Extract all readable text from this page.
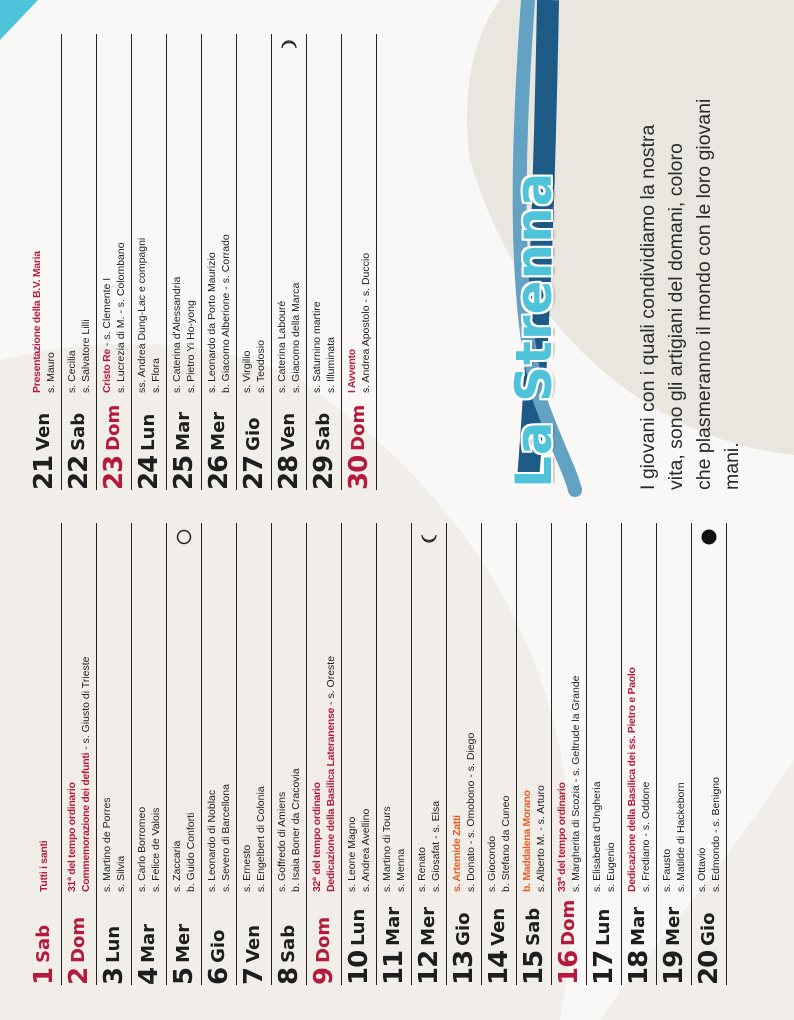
1
Sab
Tutti i santi
2
Dom
31ª del tempo ordinario Commemorazione dei defunti - s. Giusto di Trieste
3
Lun
s. Martino de Porres s. Silvia
4
Mar
s. Carlo Borromeo s. Felice de Valois
5
Mer
s. Zaccaria b. Guido Conforti
6
Gio
s. Leonardo di Noblac s. Severo di Barcellona
7
Ven
s. Ernesto s. Engelbert di Colonia
8
Sab
s. Goffredo di Amiens b. Isaia Boner da Cracovia
9
Dom
32ª del tempo ordinario Dedicazione della Basilica Lateranense - s. Oreste
10
Lun
s. Leone Magno s. Andrea Avellino
11
Mar
s. Martino di Tours s. Menna
12
Mer
s. Renato s. Giosafat - s. Elsa
13
Gio
s. Artemide Zatti s. Donato - s. Omobono - s. Diego
14
Ven
s. Giocondo b. Stefano da Cuneo
15
Sab
b. Maddalena Morano s. Alberto M. - s. Arturo
16
Dom
33ª del tempo ordinario s. Margherita di Scozia - s. Geltrude la Grande
17
Lun
s. Elisabetta d'Ungheria s. Eugenio
18
Mar
Dedicazione della Basilica dei ss. Pietro e Paolo s. Frediano - s. Oddone
19
Mer
s. Fausto s. Matilde di Hackeborn
20
Gio
s. Ottavio s. Edmondo - s. Benigno
21
Ven
Presentazione della B.V. Maria s. Mauro
22
Sab
s. Cecilia s. Salvatore Lilli
23
Dom
Cristo Re - s. Clemente I s. Lucrezia di M. - s. Colombano
24
Lun
ss. Andrea Dung-Lac e compagni s. Flora
25
Mar
s. Caterina d'Alessandria s. Pietro Yi Ho-yong
26
Mer
s. Leonardo da Porto Maurizio b. Giacomo Alberione - s. Corrado
27
Gio
s. Virgilio s. Teodosio
28
Ven
s. Caterina Labouré s. Giacomo della Marca
29
Sab
s. Saturnino martire s. Illuminata
30
Dom
I Avvento s. Andrea Apostolo - s. Duccio	La Strenna	I giovani con i quali condividiamo la nostra vita, sono gli artigiani del domani, coloro che plasmeranno il mondo con le loro giovani mani.
